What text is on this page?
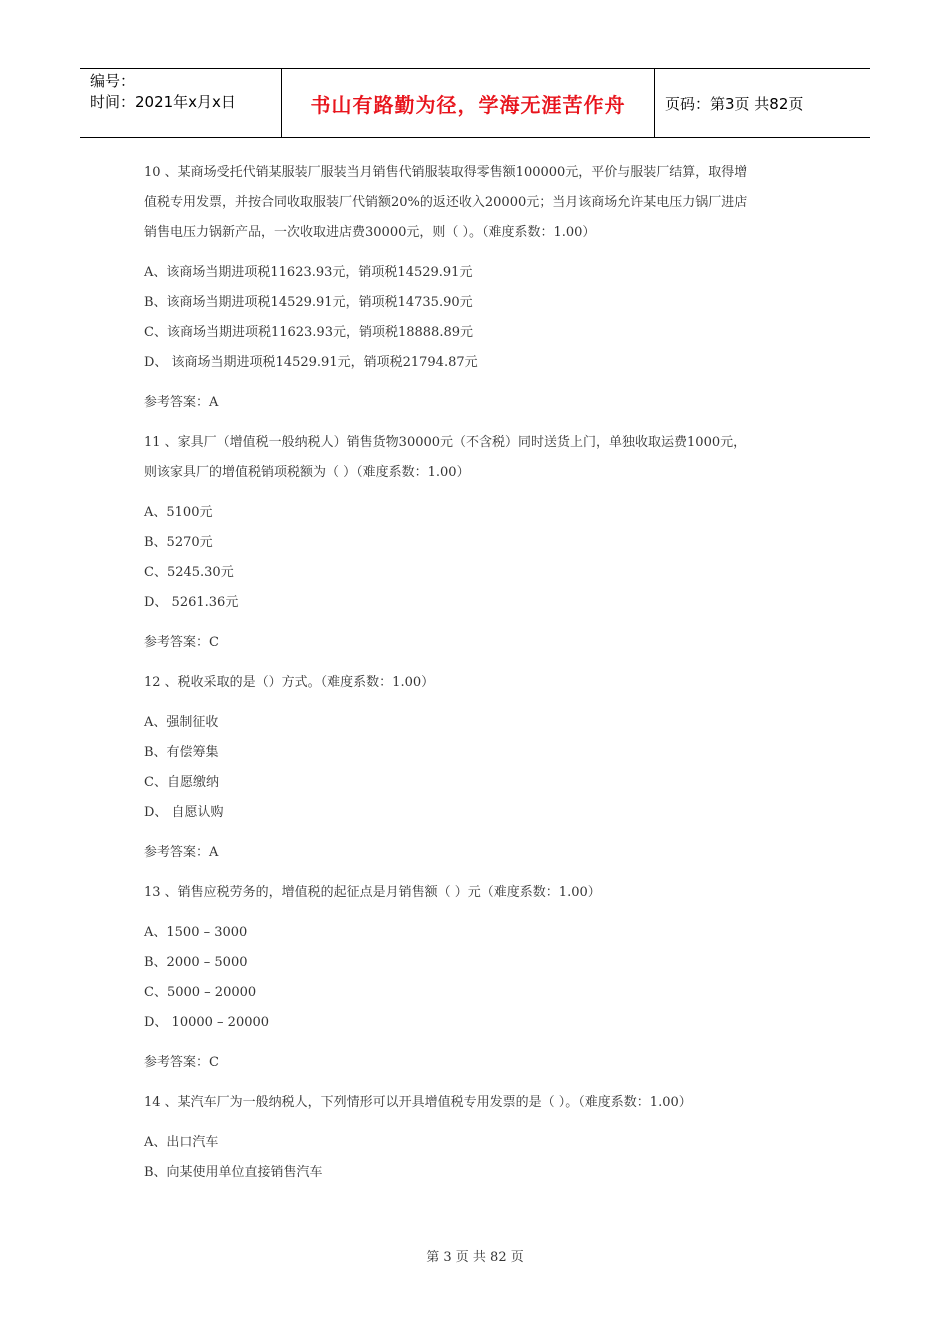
编号：
时间：2021年x月x日	书山有路勤为径，学海无涯苦作舟	页码：第3页 共82页

10 、某商场受托代销某服装厂服装当月销售代销服装取得零售额100000元，平价与服装厂结算，取得增

值税专用发票，并按合同收取服装厂代销额20%的返还收入20000元；当月该商场允许某电压力锅厂进店

销售电压力锅新产品，一次收取进店费30000元，则（ ）。（难度系数：1.00）

A、该商场当期进项税11623.93元，销项税14529.91元

B、该商场当期进项税14529.91元，销项税14735.90元

C、该商场当期进项税11623.93元，销项税18888.89元

D、 该商场当期进项税14529.91元，销项税21794.87元

参考答案：A

11 、家具厂（增值税一般纳税人）销售货物30000元（不含税）同时送货上门，单独收取运费1000元，

则该家具厂的增值税销项税额为（ ）（难度系数：1.00）

A、5100元

B、5270元

C、5245.30元

D、 5261.36元

参考答案：C

12 、税收采取的是（）方式。（难度系数：1.00）

A、强制征收

B、有偿筹集

C、自愿缴纳

D、 自愿认购

参考答案：A

13 、销售应税劳务的，增值税的起征点是月销售额（ ）元（难度系数：1.00）

A、1500 – 3000

B、2000 – 5000

C、5000 – 20000

D、 10000 – 20000

参考答案：C

14 、某汽车厂为一般纳税人，下列情形可以开具增值税专用发票的是（ ）。（难度系数：1.00）

A、出口汽车

B、向某使用单位直接销售汽车

第 3 页 共 82 页
